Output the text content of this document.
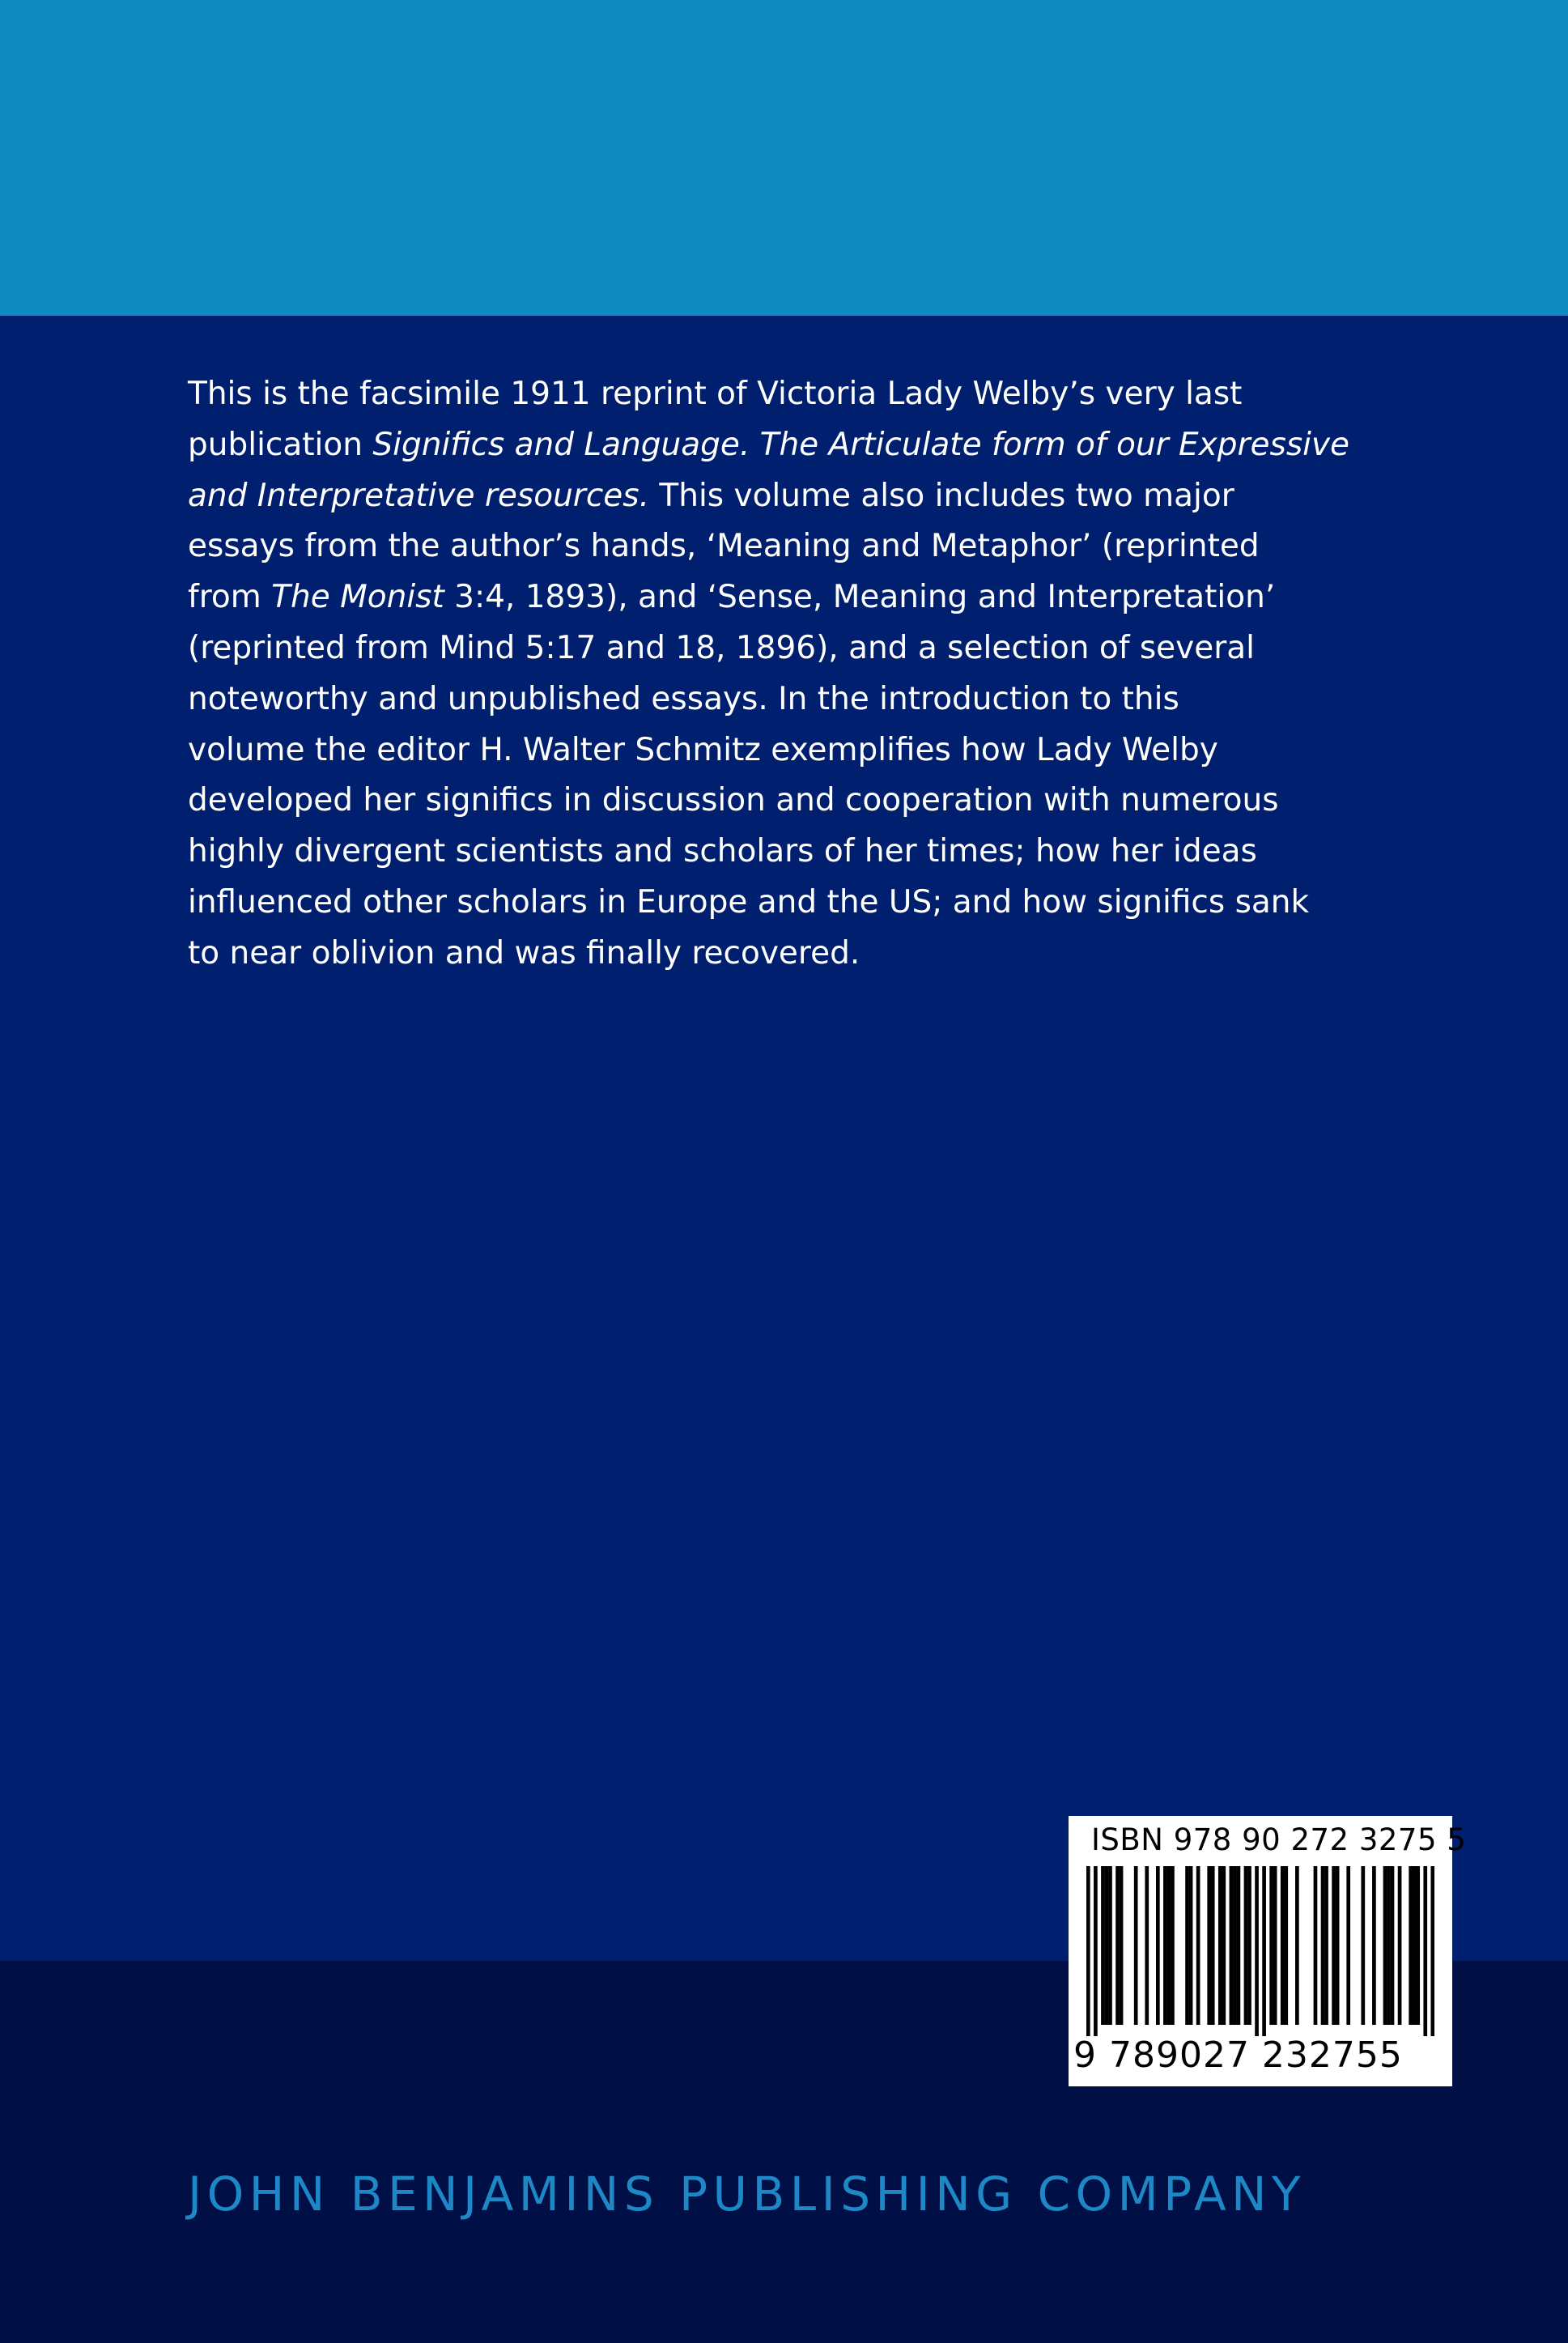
This is the facsimile 1911 reprint of Victoria Lady Welby’s very last
publication Significs and Language. The Articulate form of our Expressive
and Interpretative resources. This volume also includes two major
essays from the author’s hands, ‘Meaning and Metaphor’ (reprinted
from The Monist 3:4, 1893), and ‘Sense, Meaning and Interpretation’
(reprinted from Mind 5:17 and 18, 1896), and a selection of several
noteworthy and unpublished essays. In the introduction to this
volume the editor H. Walter Schmitz exemplifies how Lady Welby
developed her significs in discussion and cooperation with numerous
highly divergent scientists and scholars of her times; how her ideas
influenced other scholars in Europe and the US; and how significs sank
to near oblivion and was finally recovered.

ISBN 978 90 272 3275 5
9 789027 232755
JOHN BENJAMINS PUBLISHING COMPANY
